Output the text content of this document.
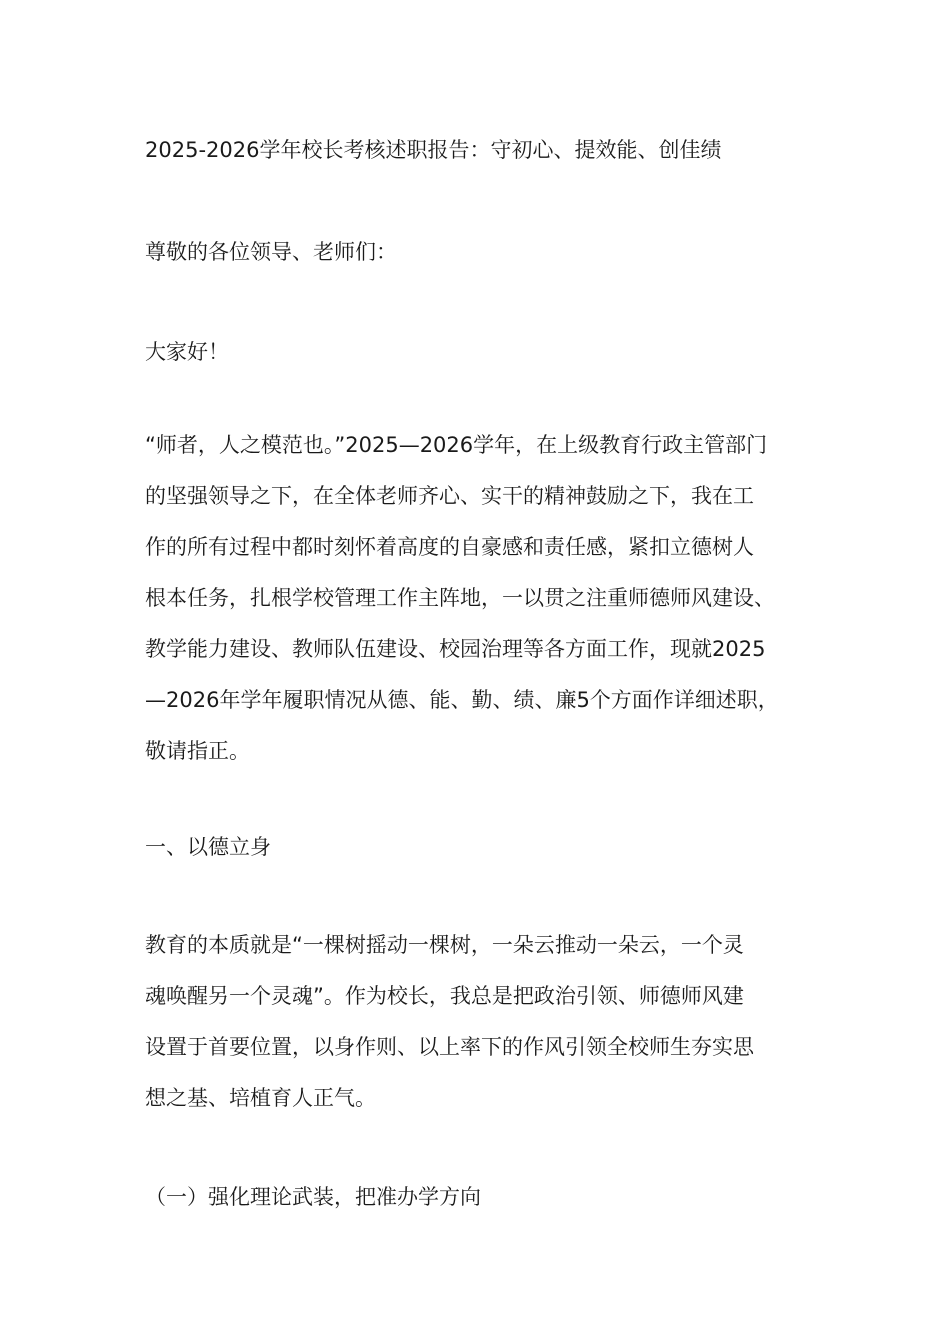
2025-2026学年校长考核述职报告：守初心、提效能、创佳绩

尊敬的各位领导、老师们：

大家好！

“师者，人之模范也。”2025—2026学年，在上级教育行政主管部门
的坚强领导之下，在全体老师齐心、实干的精神鼓励之下，我在工
作的所有过程中都时刻怀着高度的自豪感和责任感，紧扣立德树人
根本任务，扎根学校管理工作主阵地，一以贯之注重师德师风建设、
教学能力建设、教师队伍建设、校园治理等各方面工作，现就2025
—2026年学年履职情况从德、能、勤、绩、廉5个方面作详细述职，
敬请指正。

一、以德立身

教育的本质就是“一棵树摇动一棵树，一朵云推动一朵云，一个灵
魂唤醒另一个灵魂”。作为校长，我总是把政治引领、师德师风建
设置于首要位置，以身作则、以上率下的作风引领全校师生夯实思
想之基、培植育人正气。

（一）强化理论武装，把准办学方向
